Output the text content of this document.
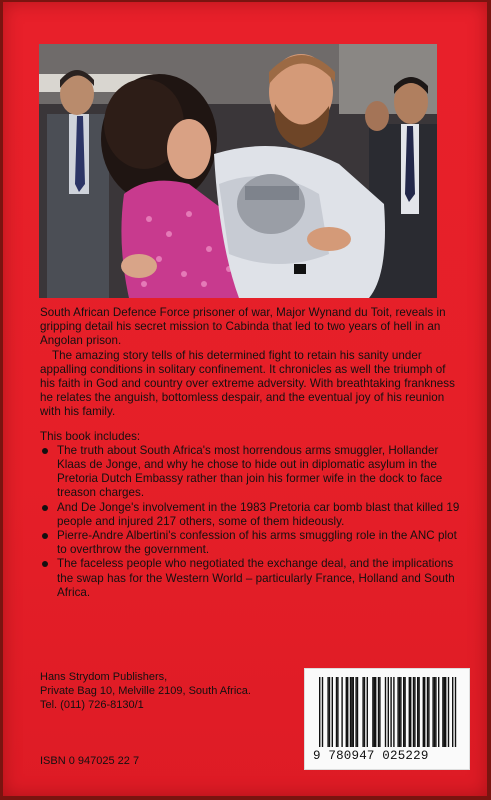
South African Defence Force prisoner of war, Major Wynand du Toit, reveals in gripping detail his secret mission to Cabinda that led to two years of hell in an Angolan prison.

The amazing story tells of his determined fight to retain his sanity under appalling conditions in solitary confinement. It chronicles as well the triumph of his faith in God and country over extreme adversity. With breathtaking frankness he relates the anguish, bottomless despair, and the eventual joy of his reunion with his family.

This book includes:

The truth about South Africa's most horrendous arms smuggler, Hollander Klaas de Jonge, and why he chose to hide out in diplomatic asylum in the Pretoria Dutch Embassy rather than join his former wife in the dock to face treason charges.
And De Jonge's involvement in the 1983 Pretoria car bomb blast that killed 19 people and injured 217 others, some of them hideously.
Pierre-Andre Albertini's confession of his arms smuggling role in the ANC plot to overthrow the government.
The faceless people who negotiated the exchange deal, and the implications the swap has for the Western World – particularly France, Holland and South Africa.
Hans Strydom Publishers,
Private Bag 10, Melville 2109, South Africa.
Tel. (011) 726-8130/1
ISBN 0 947025 22 7	9 780947 025229
